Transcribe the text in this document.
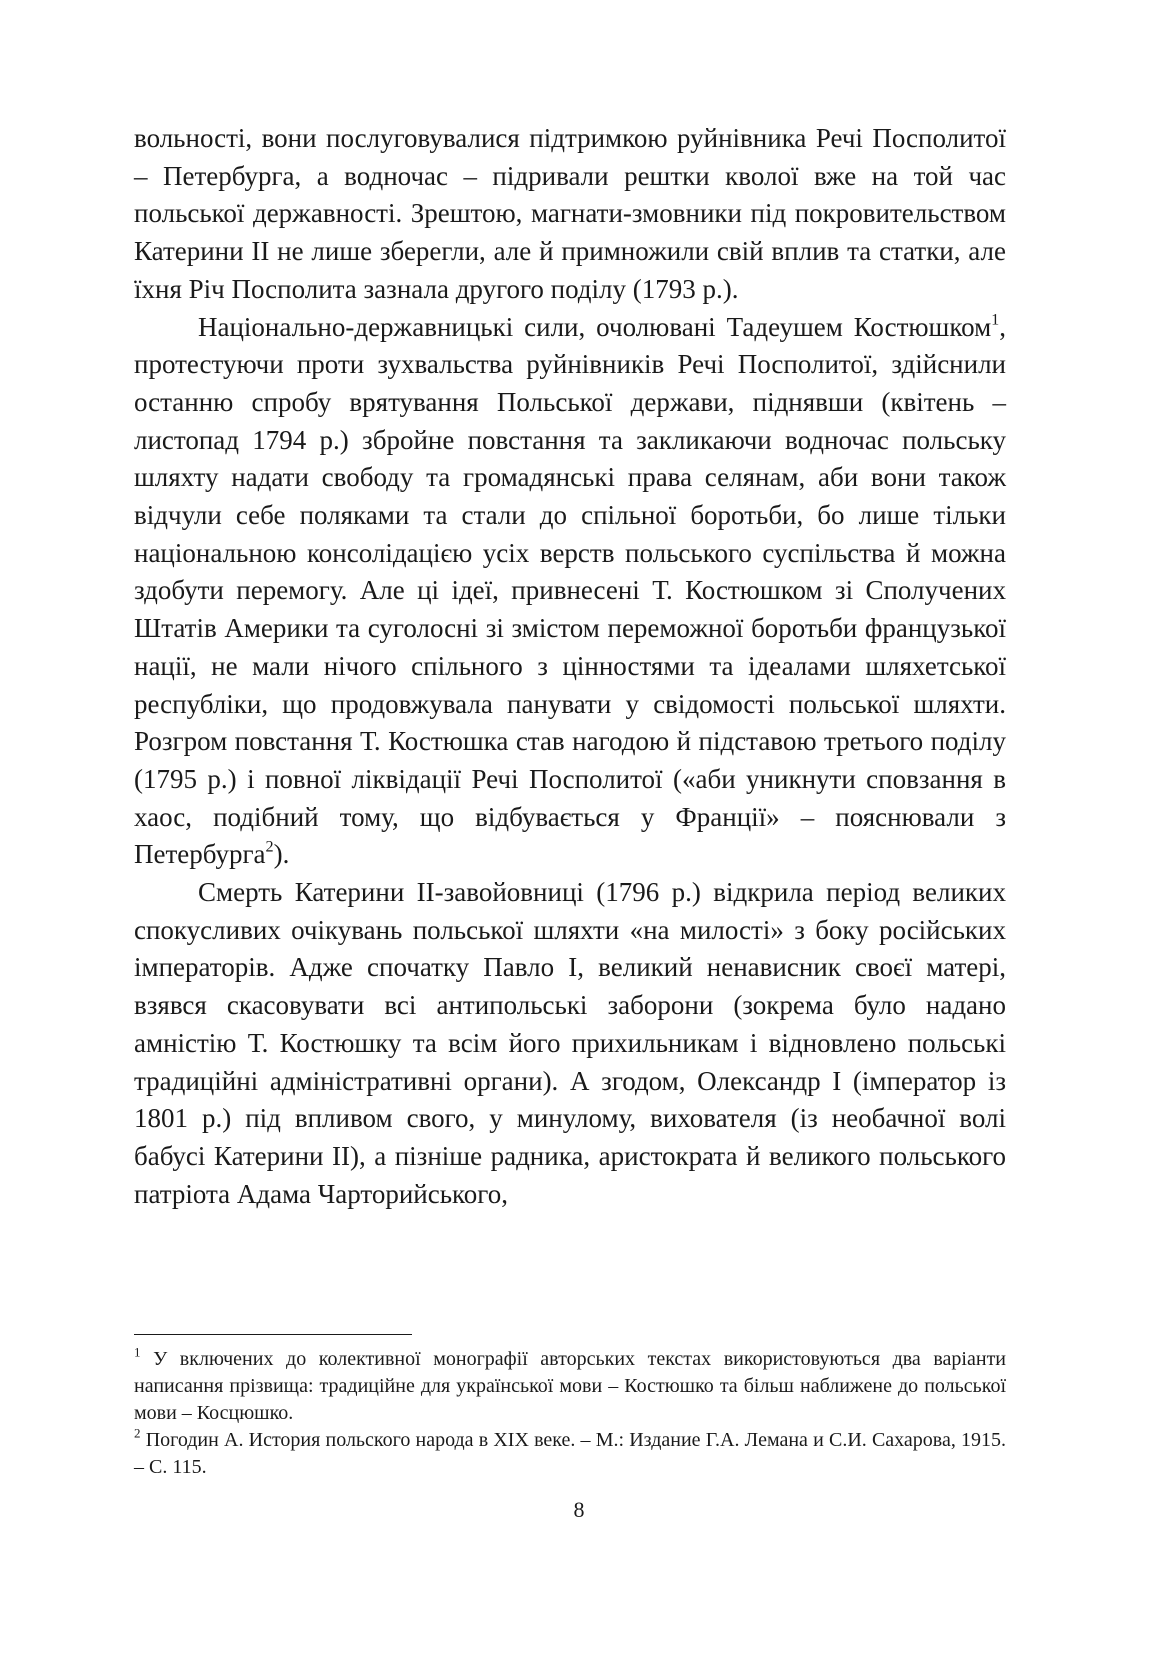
вольності, вони послуговувалися підтримкою руйнівника Речі Посполитої – Петербурга, а водночас – підривали рештки кволої вже на той час польської державності. Зрештою, магнати-змовники під покровительством Катерини ІІ не лише зберегли, але й примножили свій вплив та статки, але їхня Річ Посполита зазнала другого поділу (1793 р.).

Національно-державницькі сили, очолювані Тадеушем Костюшком$^1$, протестуючи проти зухвальства руйнівників Речі Посполитої, здійснили останню спробу врятування Польської держави, піднявши (квітень – листопад 1794 р.) збройне повстання та закликаючи водночас польську шляхту надати свободу та громадянські права селянам, аби вони також відчули себе поляками та стали до спільної боротьби, бо лише тільки національною консолідацією усіх верств польського суспільства й можна здобути перемогу. Але ці ідеї, привнесені Т. Костюшком зі Сполучених Штатів Америки та суголосні зі змістом переможної боротьби французької нації, не мали нічого спільного з цінностями та ідеалами шляхетської республіки, що продовжувала панувати у свідомості польської шляхти. Розгром повстання Т. Костюшка став нагодою й підставою третього поділу (1795 р.) і повної ліквідації Речі Посполитої («аби уникнути сповзання в хаос, подібний тому, що відбувається у Франції» – пояснювали з Петербурга$^2$).

Смерть Катерини ІІ-завойовниці (1796 р.) відкрила період великих спокусливих очікувань польської шляхти «на милості» з боку російських імператорів. Адже спочатку Павло І, великий ненависник своєї матері, взявся скасовувати всі антипольські заборони (зокрема було надано амністію Т. Костюшку та всім його прихильникам і відновлено польські традиційні адміністративні органи). А згодом, Олександр І (імператор із 1801 р.) під впливом свого, у минулому, вихователя (із необачної волі бабусі Катерини ІІ), а пізніше радника, аристократа й великого польського патріота Адама Чарторийського,

$^1$ У включених до колективної монографії авторських текстах використовуються два варіанти написання прізвища: традиційне для української мови – Костюшко та більш наближене до польської мови – Косцюшко.

$^2$ Погодин А. История польского народа в XIX веке. – М.: Издание Г.А. Лемана и С.И. Сахарова, 1915. – С. 115.

8
